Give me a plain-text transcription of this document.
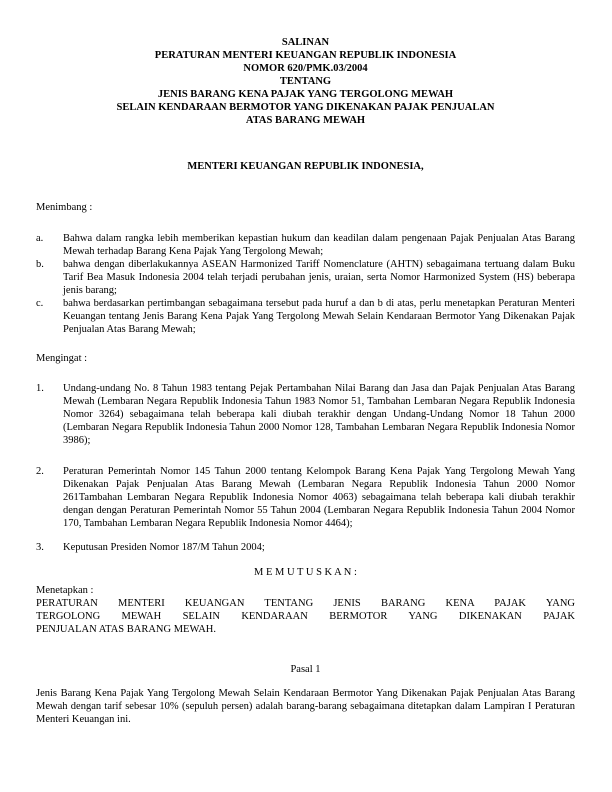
SALINAN
PERATURAN MENTERI KEUANGAN REPUBLIK INDONESIA
NOMOR 620/PMK.03/2004
TENTANG
JENIS BARANG KENA PAJAK YANG TERGOLONG MEWAH
SELAIN KENDARAAN BERMOTOR YANG DIKENAKAN PAJAK PENJUALAN
ATAS BARANG MEWAH
MENTERI KEUANGAN REPUBLIK INDONESIA,
Menimbang :
a. Bahwa dalam rangka lebih memberikan kepastian hukum dan keadilan dalam pengenaan Pajak Penjualan Atas Barang Mewah terhadap Barang Kena Pajak Yang Tergolong Mewah;
b. bahwa dengan diberlakukannya ASEAN Harmonized Tariff Nomenclature (AHTN) sebagaimana tertuang dalam Buku Tarif Bea Masuk Indonesia 2004 telah terjadi perubahan jenis, uraian, serta Nomor Harmonized System (HS) beberapa jenis barang;
c. bahwa berdasarkan pertimbangan sebagaimana tersebut pada huruf a dan b di atas, perlu menetapkan Peraturan Menteri Keuangan tentang Jenis Barang Kena Pajak Yang Tergolong Mewah Selain Kendaraan Bermotor Yang Dikenakan Pajak Penjualan Atas Barang Mewah;
Mengingat :
1. Undang-undang No. 8 Tahun 1983 tentang Pejak Pertambahan Nilai Barang dan Jasa dan Pajak Penjualan Atas Barang Mewah (Lembaran Negara Republik Indonesia Tahun 1983 Nomor 51, Tambahan Lembaran Negara Republik Indonesia Nomor 3264) sebagaimana telah beberapa kali diubah terakhir dengan Undang-Undang Nomor 18 Tahun 2000 (Lembaran Negara Republik Indonesia Tahun 2000 Nomor 128, Tambahan Lembaran Negara Republik Indonesia Nomor 3986);
2. Peraturan Pemerintah Nomor 145 Tahun 2000 tentang Kelompok Barang Kena Pajak Yang Tergolong Mewah Yang Dikenakan Pajak Penjualan Atas Barang Mewah (Lembaran Negara Republik Indonesia Tahun 2000 Nomor 261Tambahan Lembaran Negara Republik Indonesia Nomor 4063) sebagaimana telah beberapa kali diubah terakhir dengan dengan Peraturan Pemerintah Nomor 55 Tahun 2004 (Lembaran Negara Republik Indonesia Tahun 2004 Nomor 170, Tambahan Lembaran Negara Republik Indonesia Nomor 4464);
3. Keputusan Presiden Nomor 187/M Tahun 2004;
M E M U T U S K A N :
Menetapkan :
PERATURAN MENTERI KEUANGAN TENTANG JENIS BARANG KENA PAJAK YANG
TERGOLONG MEWAH SELAIN KENDARAAN BERMOTOR YANG DIKENAKAN PAJAK
PENJUALAN ATAS BARANG MEWAH.
Pasal 1
Jenis Barang Kena Pajak Yang Tergolong Mewah Selain Kendaraan Bermotor Yang Dikenakan Pajak Penjualan Atas Barang Mewah dengan tarif sebesar 10% (sepuluh persen) adalah barang-barang sebagaimana ditetapkan dalam Lampiran I Peraturan Menteri Keuangan ini.
